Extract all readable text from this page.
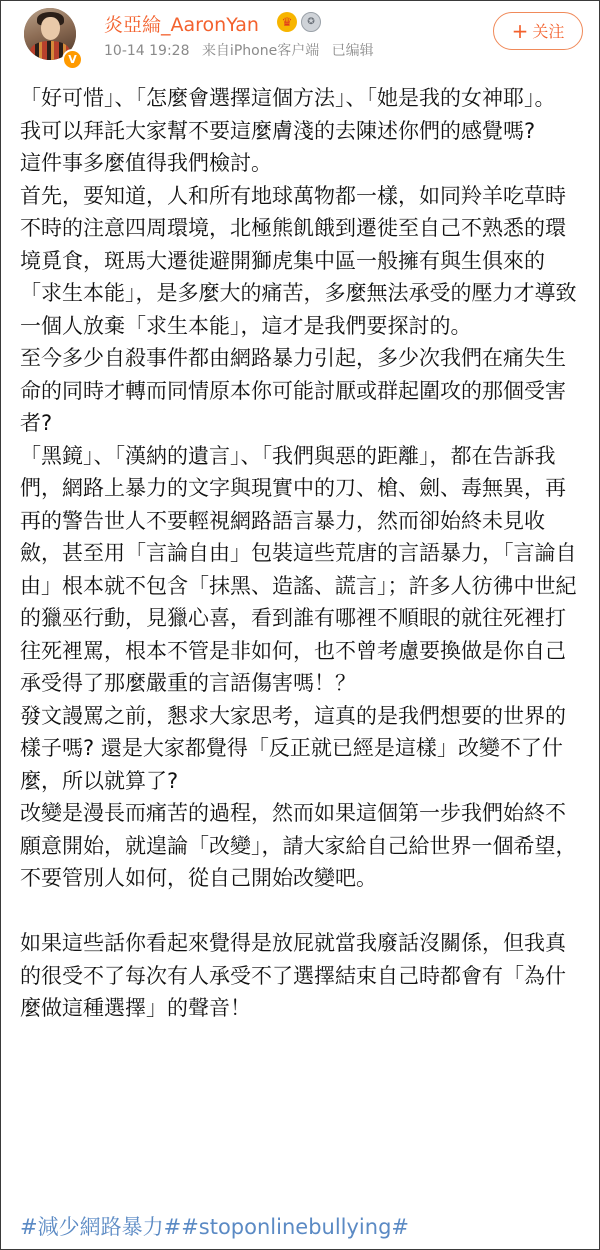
V
炎亞綸_AaronYan	♛	✪
10-14 19:28 来自iPhone客户端 已编辑
+ 关注

「好可惜」、「怎麼會選擇這個方法」、「她是我的女神耶」。

我可以拜託大家幫不要這麼膚淺的去陳述你們的感覺嗎?

這件事多麼值得我們檢討。

首先，要知道，人和所有地球萬物都一樣，如同羚羊吃草時不時的注意四周環境，北極熊飢餓到遷徙至自己不熟悉的環境覓食，斑馬大遷徙避開獅虎集中區一般擁有與生俱來的「求生本能」，是多麼大的痛苦，多麼無法承受的壓力才導致一個人放棄「求生本能」，這才是我們要探討的。

至今多少自殺事件都由網路暴力引起，多少次我們在痛失生命的同時才轉而同情原本你可能討厭或群起圍攻的那個受害者?

「黑鏡」、「漢納的遺言」、「我們與惡的距離」，都在告訴我們，網路上暴力的文字與現實中的刀、槍、劍、毒無異，再再的警告世人不要輕視網路語言暴力，然而卻始終未見收斂，甚至用「言論自由」包裝這些荒唐的言語暴力，「言論自由」根本就不包含「抹黑、造謠、謊言」；許多人彷彿中世紀的獵巫行動，見獵心喜，看到誰有哪裡不順眼的就往死裡打往死裡罵，根本不管是非如何，也不曾考慮要換做是你自己承受得了那麼嚴重的言語傷害嗎！？

發文謾罵之前，懇求大家思考，這真的是我們想要的世界的樣子嗎? 還是大家都覺得「反正就已經是這樣」改變不了什麼，所以就算了?

改變是漫長而痛苦的過程，然而如果這個第一步我們始終不願意開始，就遑論「改變」，請大家給自己給世界一個希望，不要管別人如何，從自己開始改變吧。

如果這些話你看起來覺得是放屁就當我廢話沒關係，但我真的很受不了每次有人承受不了選擇結束自己時都會有「為什麼做這種選擇」的聲音！

#減少網路暴力##stoponlinebullying#
